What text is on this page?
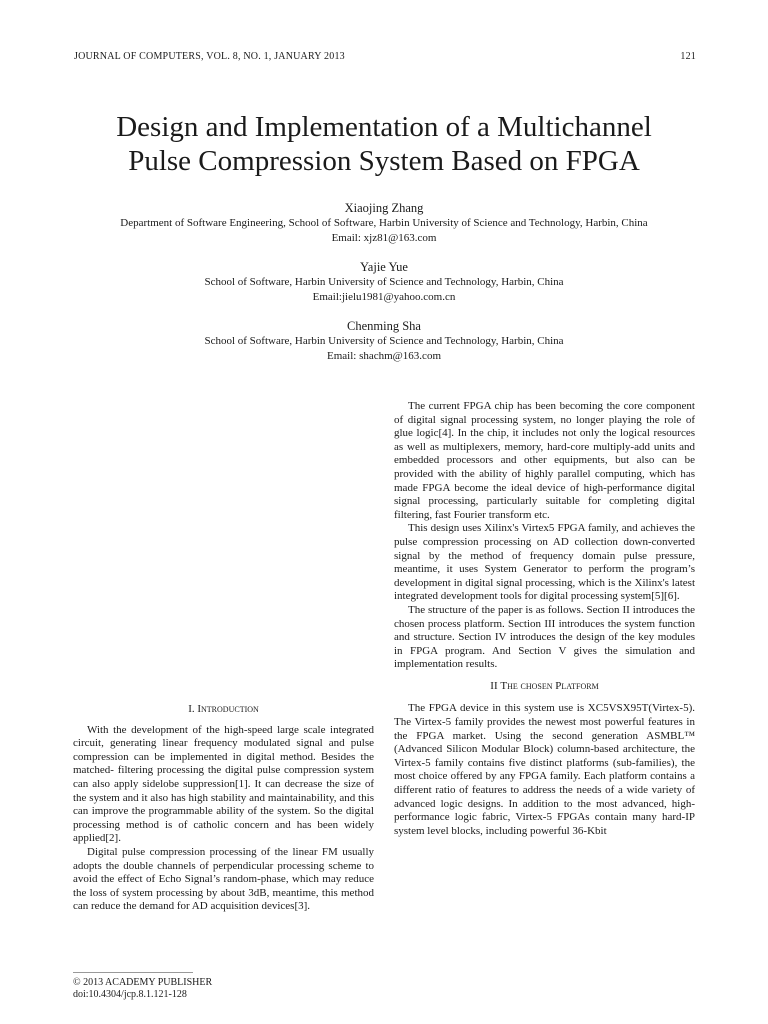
JOURNAL OF COMPUTERS, VOL. 8, NO. 1, JANUARY 2013	121
Design and Implementation of a Multichannel
Pulse Compression System Based on FPGA
Xiaojing Zhang
Department of Software Engineering, School of Software, Harbin University of Science and Technology, Harbin, China
Email: xjz81@163.com
Yajie Yue
School of Software, Harbin University of Science and Technology, Harbin, China
Email:jielu1981@yahoo.com.cn
Chenming Sha
School of Software, Harbin University of Science and Technology, Harbin, China
Email: shachm@163.com
I. Introduction

With the development of the high-speed large scale integrated circuit, generating linear frequency modulated signal and pulse compression can be implemented in digital method. Besides the matched- filtering processing the digital pulse compression system can also apply sidelobe suppression[1]. It can decrease the size of the system and it also has high stability and maintainability, and this can improve the programmable ability of the system. So the digital processing method is of catholic concern and has been widely applied[2].

Digital pulse compression processing of the linear FM usually adopts the double channels of perpendicular processing scheme to avoid the effect of Echo Signal’s random-phase, which may reduce the loss of system processing by about 3dB, meantime, this method can reduce the demand for AD acquisition devices[3].

The current FPGA chip has been becoming the core component of digital signal processing system, no longer playing the role of glue logic[4]. In the chip, it includes not only the logical resources as well as multiplexers, memory, hard-core multiply-add units and embedded processors and other equipments, but also can be provided with the ability of highly parallel computing, which has made FPGA become the ideal device of high-performance digital signal processing, particularly suitable for completing digital filtering, fast Fourier transform etc.

This design uses Xilinx's Virtex5 FPGA family, and achieves the pulse compression processing on AD collection down-converted signal by the method of frequency domain pulse pressure, meantime, it uses System Generator to perform the program’s development in digital signal processing, which is the Xilinx's latest integrated development tools for digital processing system[5][6].

The structure of the paper is as follows. Section II introduces the chosen process platform. Section III introduces the system function and structure. Section IV introduces the design of the key modules in FPGA program. And Section V gives the simulation and implementation results.

II The chosen Platform

The FPGA device in this system use is XC5VSX95T(Virtex-5). The Virtex-5 family provides the newest most powerful features in the FPGA market. Using the second generation ASMBL™ (Advanced Silicon Modular Block) column-based architecture, the Virtex-5 family contains five distinct platforms (sub-families), the most choice offered by any FPGA family. Each platform contains a different ratio of features to address the needs of a wide variety of advanced logic designs. In addition to the most advanced, high-performance logic fabric, Virtex-5 FPGAs contain many hard-IP system level blocks, including powerful 36-Kbit

© 2013 ACADEMY PUBLISHER
doi:10.4304/jcp.8.1.121-128
